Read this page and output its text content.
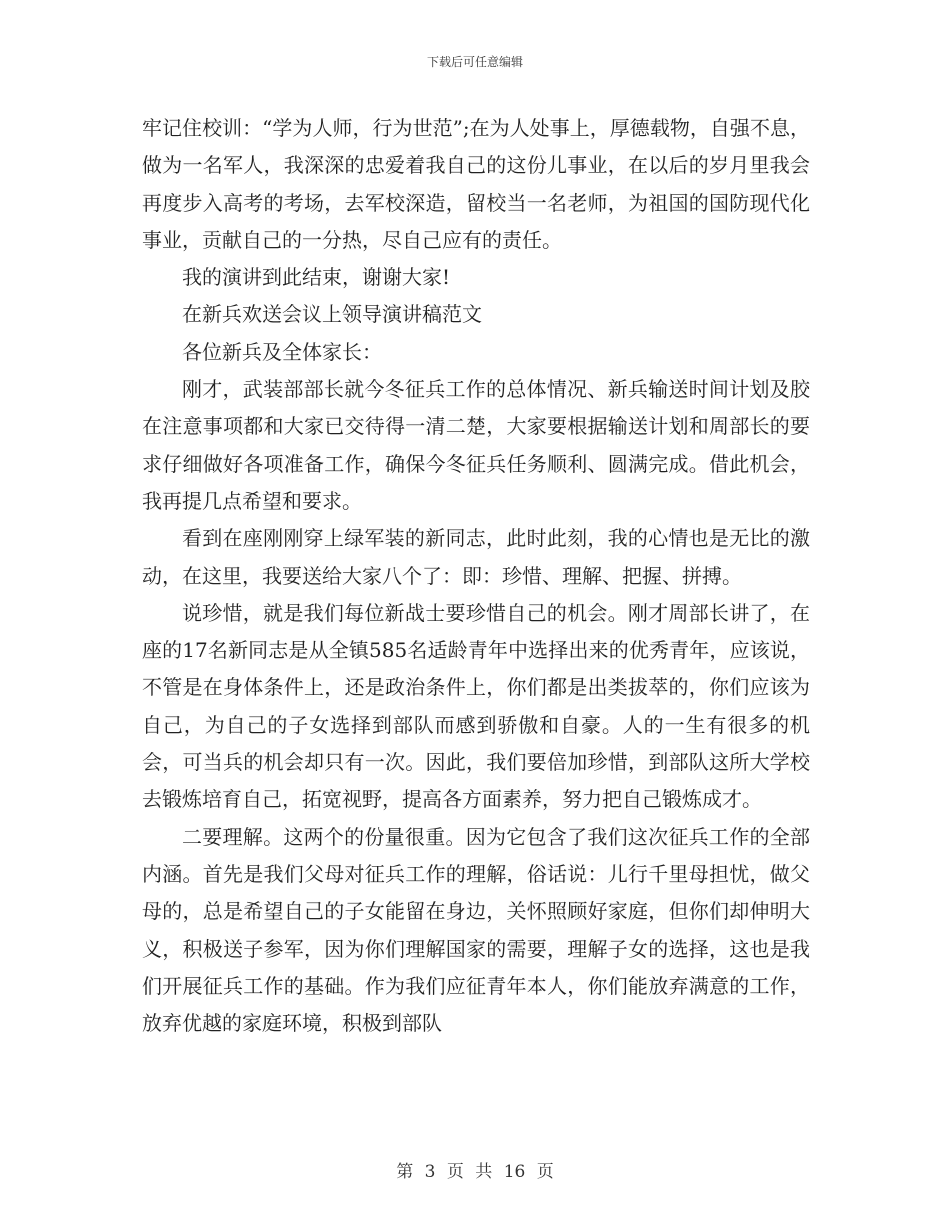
下载后可任意编辑

牢记住校训：“学为人师，行为世范”;在为人处事上，厚德载物，自强不息，做为一名军人，我深深的忠爱着我自己的这份儿事业，在以后的岁月里我会再度步入高考的考场，去军校深造，留校当一名老师，为祖国的国防现代化事业，贡献自己的一分热，尽自己应有的责任。

我的演讲到此结束，谢谢大家!

在新兵欢送会议上领导演讲稿范文

各位新兵及全体家长：

刚才，武装部部长就今冬征兵工作的总体情况、新兵输送时间计划及胶在注意事项都和大家已交待得一清二楚，大家要根据输送计划和周部长的要求仔细做好各项准备工作，确保今冬征兵任务顺利、圆满完成。借此机会，我再提几点希望和要求。

看到在座刚刚穿上绿军装的新同志，此时此刻，我的心情也是无比的激动，在这里，我要送给大家八个了：即：珍惜、理解、把握、拼搏。

说珍惜，就是我们每位新战士要珍惜自己的机会。刚才周部长讲了，在座的17名新同志是从全镇585名适龄青年中选择出来的优秀青年，应该说，不管是在身体条件上，还是政治条件上，你们都是出类拔萃的，你们应该为自己，为自己的子女选择到部队而感到骄傲和自豪。人的一生有很多的机会，可当兵的机会却只有一次。因此，我们要倍加珍惜，到部队这所大学校去锻炼培育自己，拓宽视野，提高各方面素养，努力把自己锻炼成才。

二要理解。这两个的份量很重。因为它包含了我们这次征兵工作的全部内涵。首先是我们父母对征兵工作的理解，俗话说：儿行千里母担忧，做父母的，总是希望自己的子女能留在身边，关怀照顾好家庭，但你们却伸明大义，积极送子参军，因为你们理解国家的需要，理解子女的选择，这也是我们开展征兵工作的基础。作为我们应征青年本人，你们能放弃满意的工作，放弃优越的家庭环境，积极到部队

第 3 页 共 16 页
